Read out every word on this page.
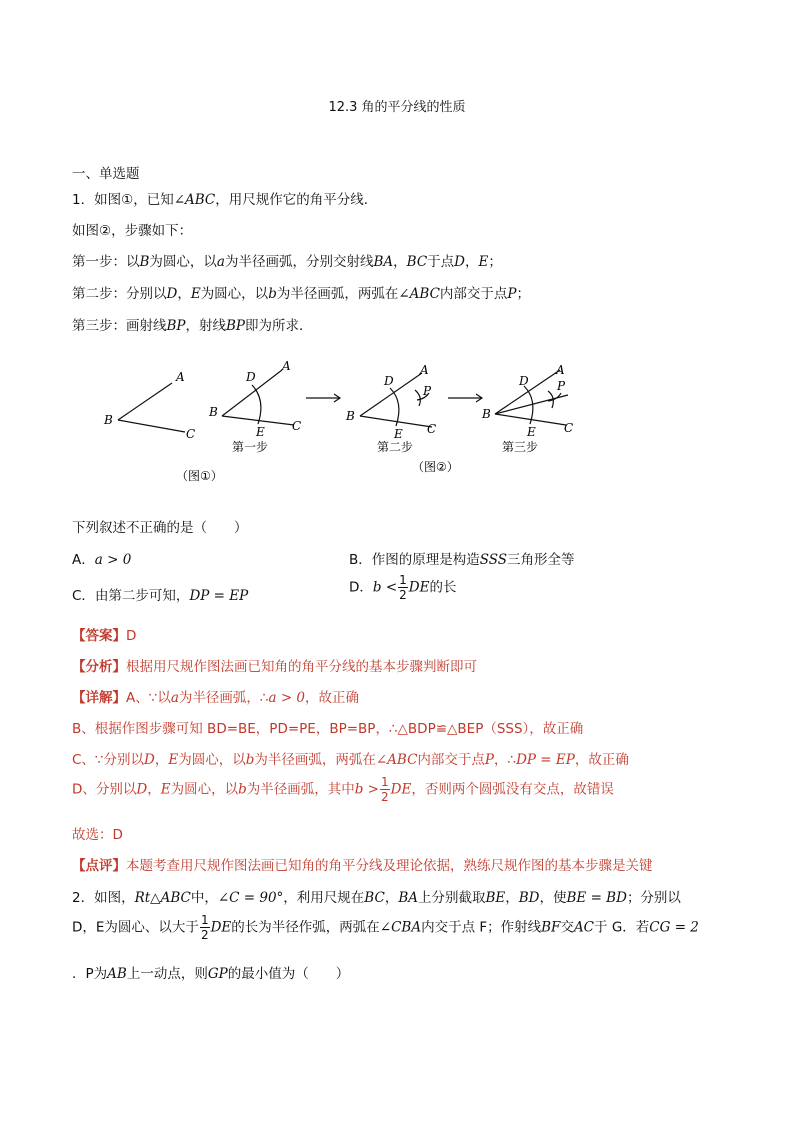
12.3 角的平分线的性质
一、单选题
1．如图①，已知∠ABC，用尺规作它的角平分线．
如图②，步骤如下：
第一步：以B为圆心，以a为半径画弧，分别交射线BA，BC于点D，E；
第二步：分别以D，E为圆心，以b为半径画弧，两弧在∠ABC内部交于点P；
第三步：画射线BP，射线BP即为所求．
A
B
C
（图①）
A
D
B
E C
第一步
A
D
P
B
E C
第二步
（图②）
A
D P
B
E C
第三步
下列叙述不正确的是（　　）
A．a > 0	B．作图的原理是构造SSS三角形全等
C．由第二步可知，DP = EP
D．$b < \frac{1}{2}$ DE的长
【答案】D
【分析】根据用尺规作图法画已知角的角平分线的基本步骤判断即可
【详解】A、∵以a为半径画弧，∴a > 0，故正确
B、根据作图步骤可知 BD=BE，PD=PE，BP=BP，∴△BDP≌△BEP（SSS），故正确
C、∵分别以D，E为圆心，以b为半径画弧，两弧在∠ABC内部交于点P，∴DP = EP，故正确
D、分别以D，E为圆心，以b为半径画弧，其中$b > \frac{1}{2}$ DE，否则两个圆弧没有交点，故错误
故选：D
【点评】本题考查用尺规作图法画已知角的角平分线及理论依据，熟练尺规作图的基本步骤是关键
2．如图，Rt△ABC中，∠C = 90°，利用尺规在BC，BA上分别截取BE，BD，使BE = BD；分别以
D，E为圆心、以大于 $\frac{1}{2}$ DE的长为半径作弧，两弧在∠CBA内交于点 F；作射线BF交AC于 G．若CG = 2
．P为AB上一动点，则GP的最小值为（　　）
